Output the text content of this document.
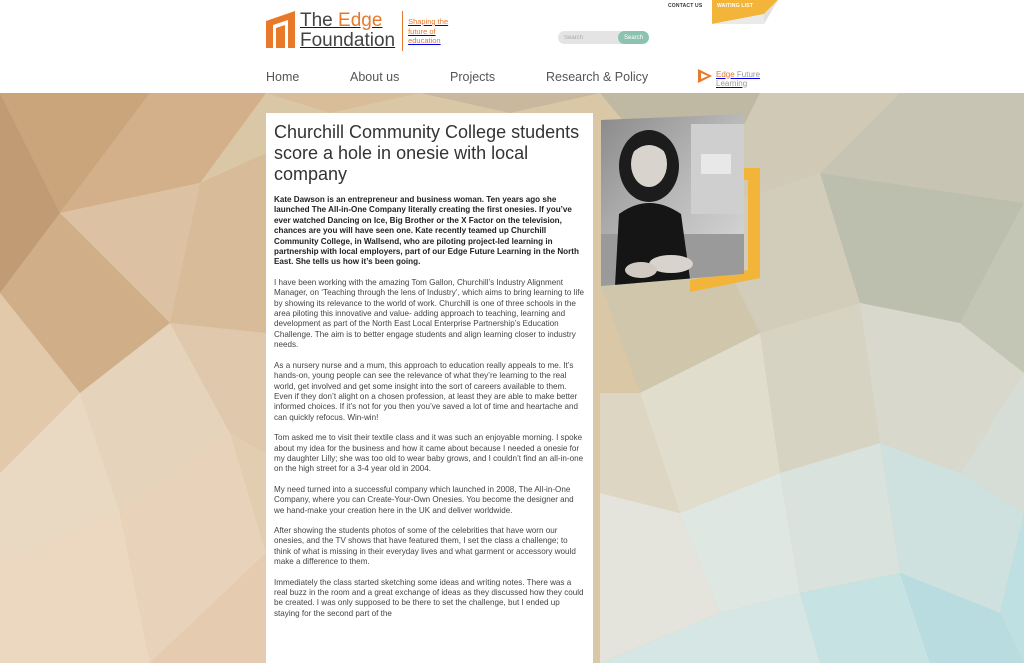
The Edge
Foundation
Shaping the future of education
CONTACT US	WAITING LIST
Search
Search
Home	About us	Projects	Research & Policy	Edge Future
Learning
Churchill Community College students score a hole in onesie with local company

Kate Dawson is an entrepreneur and business woman. Ten years ago she launched The All-in-One Company literally creating the first onesies. If you’ve ever watched Dancing on Ice, Big Brother or the X Factor on the television, chances are you will have seen one. Kate recently teamed up Churchill Community College, in Wallsend, who are piloting project-led learning in partnership with local employers, part of our Edge Future Learning in the North East. She tells us how it’s been going.

I have been working with the amazing Tom Gallon, Churchill’s Industry Alignment Manager, on ‘Teaching through the lens of Industry’, which aims to bring learning to life by showing its relevance to the world of work. Churchill is one of three schools in the area piloting this innovative and value- adding approach to teaching, learning and development as part of the North East Local Enterprise Partnership’s Education Challenge. The aim is to better engage students and align learning closer to industry needs.

As a nursery nurse and a mum, this approach to education really appeals to me. It’s hands-on, young people can see the relevance of what they’re learning to the real world, get involved and get some insight into the sort of careers available to them. Even if they don’t alight on a chosen profession, at least they are able to make better informed choices. If it’s not for you then you’ve saved a lot of time and heartache and can quickly refocus. Win-win!

Tom asked me to visit their textile class and it was such an enjoyable morning. I spoke about my idea for the business and how it came about because I needed a onesie for my daughter Lilly; she was too old to wear baby grows, and I couldn’t find an all-in-one on the high street for a 3-4 year old in 2004.

My need turned into a successful company which launched in 2008, The All-in-One Company, where you can Create-Your-Own Onesies. You become the designer and we hand-make your creation here in the UK and deliver worldwide.

After showing the students photos of some of the celebrities that have worn our onesies, and the TV shows that have featured them, I set the class a challenge; to think of what is missing in their everyday lives and what garment or accessory would make a difference to them.

Immediately the class started sketching some ideas and writing notes. There was a real buzz in the room and a great exchange of ideas as they discussed how they could be created. I was only supposed to be there to set the challenge, but I ended up staying for the second part of the
